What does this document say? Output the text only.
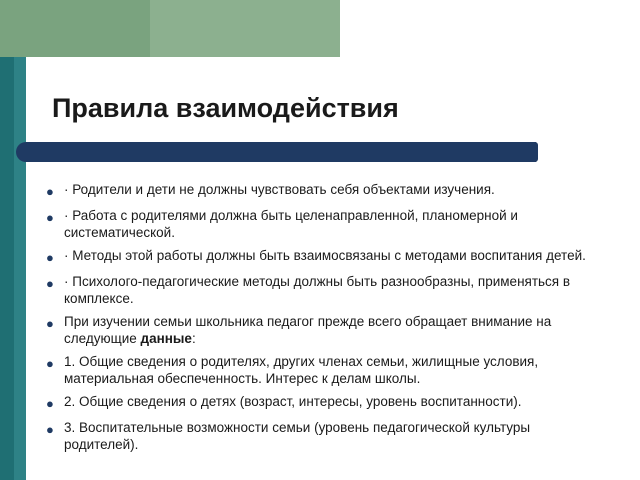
Правила взаимодействия
● · Родители и дети не должны чувствовать себя объектами изучения.
● · Работа с родителями должна быть целенаправленной, планомерной и систематической.
● · Методы этой работы должны быть взаимосвязаны с методами воспитания детей.
● · Психолого-педагогические методы должны быть разнообразны, применяться в комплексе.
● При изучении семьи школьника педагог прежде всего обращает внимание на следующие данные:
● 1. Общие сведения о родителях, других членах семьи, жилищные условия, материальная обеспеченность. Интерес к делам школы.
● 2. Общие сведения о детях (возраст, интересы, уровень воспитанности).
● 3. Воспитательные возможности семьи (уровень педагогической культуры родителей).
